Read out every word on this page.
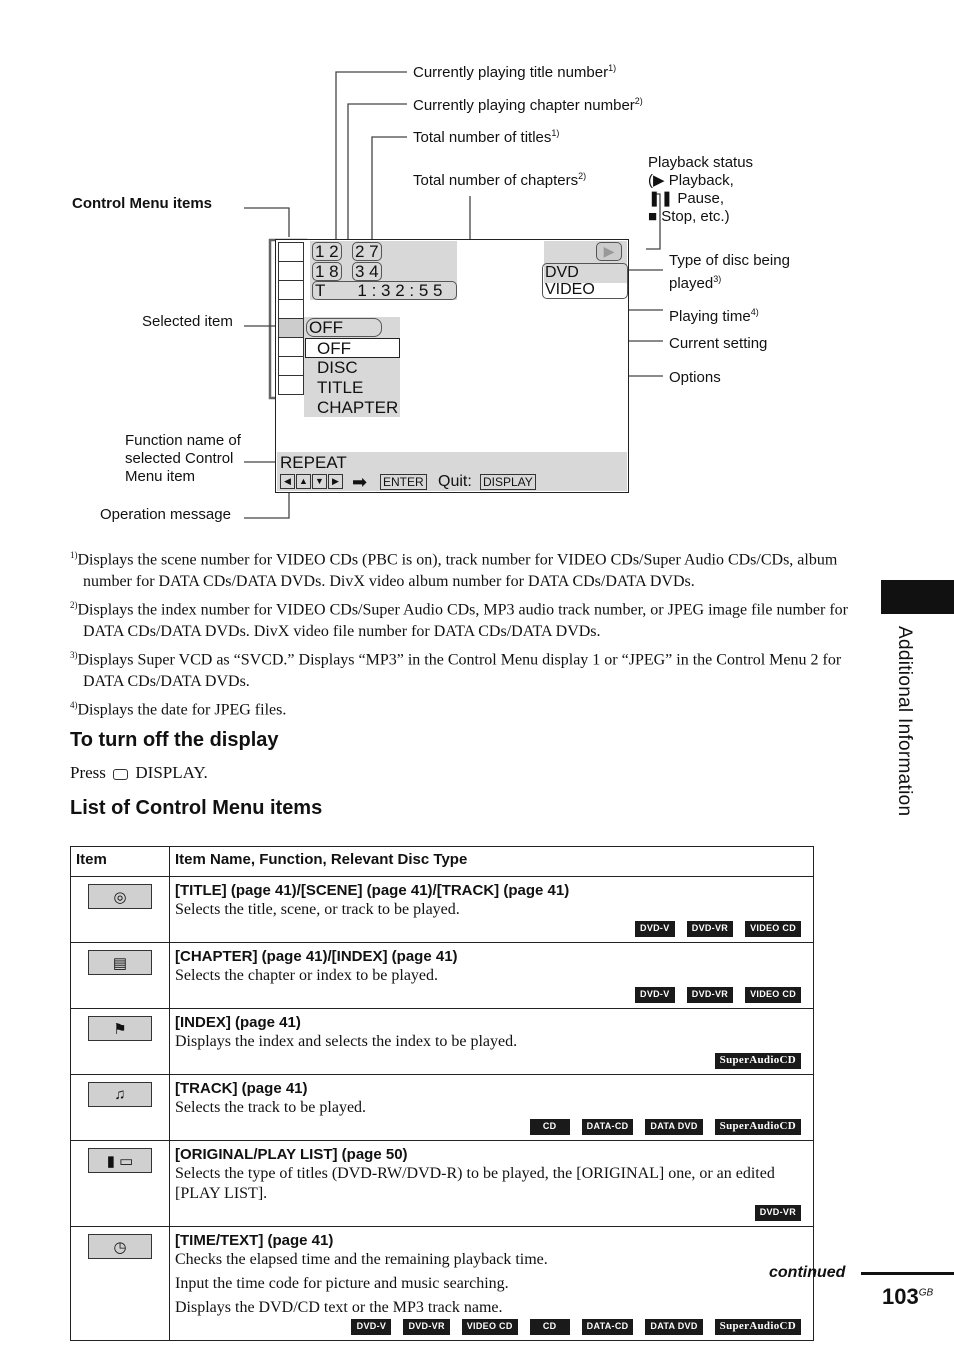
Currently playing title number$^{1)}$
Currently playing chapter number$^{2)}$
Total number of titles$^{1)}$
Total number of chapters$^{2)}$
Playback status
(▶ Playback,
❚❚ Pause,
■ Stop, etc.)
Control Menu items
Type of disc being
played$^{3)}$
Selected item	Playing time$^{4)}$
Current setting
Options
Function name of
selected Control
Menu item
Operation message
1 2 2 7
1 8 3 4
T 1 : 3 2 : 5 5
▶
DVD VIDEO
OFF
OFF
DISC
TITLE
CHAPTER
REPEAT
◀ ▲ ▼ ▶ ➡ ENTER Quit: DISPLAY
$^{1)}$Displays the scene number for VIDEO CDs (PBC is on), track number for VIDEO CDs/Super Audio CDs/CDs, album number for DATA CDs/DATA DVDs. DivX video album number for DATA CDs/DATA DVDs.
$^{2)}$Displays the index number for VIDEO CDs/Super Audio CDs, MP3 audio track number, or JPEG image file number for DATA CDs/DATA DVDs. DivX video file number for DATA CDs/DATA DVDs.
$^{3)}$Displays Super VCD as “SVCD.” Displays “MP3” in the Control Menu display 1 or “JPEG” in the Control Menu 2 for DATA CDs/DATA DVDs.
$^{4)}$Displays the date for JPEG files.
To turn off the display
Press DISPLAY.
List of Control Menu items
Item	Item Name, Function, Relevant Disc Type

◎	[TITLE] (page 41)/[SCENE] (page 41)/[TRACK] (page 41)
Selects the title, scene, or track to be played.
DVD-V DVD-VR VIDEO CD

▤	[CHAPTER] (page 41)/[INDEX] (page 41)
Selects the chapter or index to be played.
DVD-V DVD-VR VIDEO CD

⚑	[INDEX] (page 41)
Displays the index and selects the index to be played.
SuperAudioCD

♫	[TRACK] (page 41)
Selects the track to be played.
CD DATA-CD DATA DVD SuperAudioCD

▮ ▭	[ORIGINAL/PLAY LIST] (page 50)
Selects the type of titles (DVD-RW/DVD-R) to be played, the [ORIGINAL] one, or an edited [PLAY LIST].
DVD-VR

◷	[TIME/TEXT] (page 41)
Checks the elapsed time and the remaining playback time.
Input the time code for picture and music searching.
Displays the DVD/CD text or the MP3 track name.
DVD-V DVD-VR VIDEO CD CD DATA-CD DATA DVD SuperAudioCD
continued
$103^{GB}$
Additional Information
